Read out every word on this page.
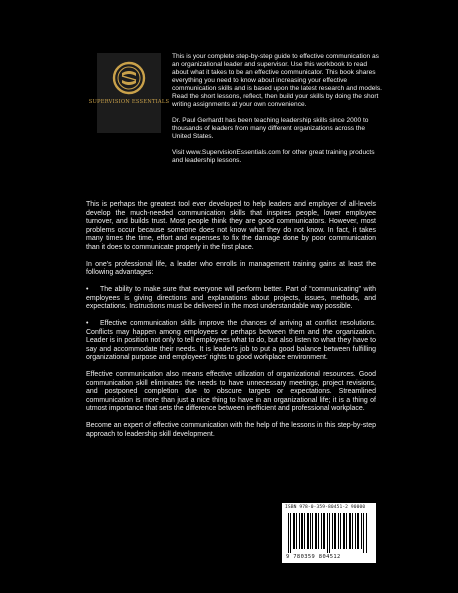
SUPERVISION ESSENTIALS

This is your complete step-by-step guide to effective communication as an organizational leader and supervisor. Use this workbook to read about what it takes to be an effective communicator. This book shares everything you need to know about increasing your effective communication skills and is based upon the latest research and models. Read the short lessons, reflect, then build your skills by doing the short writing assignments at your own convenience.

Dr. Paul Gerhardt has been teaching leadership skills since 2000 to thousands of leaders from many different organizations across the United States.

Visit www.SupervisionEssentials.com for other great training products and leadership lessons.

This is perhaps the greatest tool ever developed to help leaders and employer of all-levels develop the much-needed communication skills that inspires people, lower employee turnover, and builds trust. Most people think they are good communicators. However, most problems occur because someone does not know what they do not know. In fact, it takes many times the time, effort and expenses to fix the damage done by poor communication than it does to communicate properly in the first place.

In one's professional life, a leader who enrolls in management training gains at least the following advantages:

• The ability to make sure that everyone will perform better. Part of “communicating” with employees is giving directions and explanations about projects, issues, methods, and expectations. Instructions must be delivered in the most understandable way possible.

• Effective communication skills improve the chances of arriving at conflict resolutions. Conflicts may happen among employees or perhaps between them and the organization. Leader is in position not only to tell employees what to do, but also listen to what they have to say and accommodate their needs. It is leader's job to put a good balance between fulfilling organizational purpose and employees' rights to good workplace environment.

Effective communication also means effective utilization of organizational resources. Good communication skill eliminates the needs to have unnecessary meetings, project revisions, and postponed completion due to obscure targets or expectations. Streamlined communication is more than just a nice thing to have in an organizational life; it is a thing of utmost importance that sets the difference between inefficient and professional workplace.

Become an expert of effective communication with the help of the lessons in this step-by-step approach to leadership skill development.

ISBN 978-0-359-80451-2 90000
9 780359 804512
